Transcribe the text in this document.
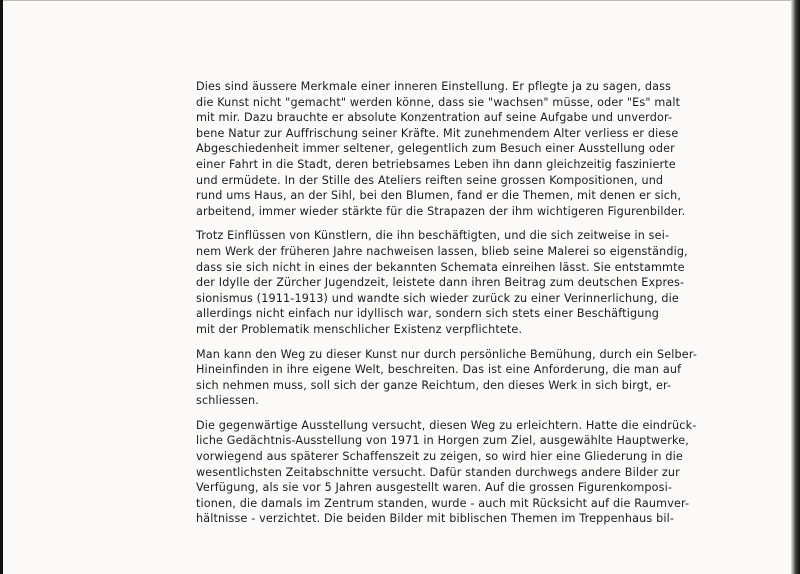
Dies sind äussere Merkmale einer inneren Einstellung. Er pflegte ja zu sagen, dass
die Kunst nicht "gemacht" werden könne, dass sie "wachsen" müsse, oder "Es" malt
mit mir. Dazu brauchte er absolute Konzentration auf seine Aufgabe und unverdor-
bene Natur zur Auffrischung seiner Kräfte. Mit zunehmendem Alter verliess er diese
Abgeschiedenheit immer seltener, gelegentlich zum Besuch einer Ausstellung oder
einer Fahrt in die Stadt, deren betriebsames Leben ihn dann gleichzeitig faszinierte
und ermüdete. In der Stille des Ateliers reiften seine grossen Kompositionen, und
rund ums Haus, an der Sihl, bei den Blumen, fand er die Themen, mit denen er sich,
arbeitend, immer wieder stärkte für die Strapazen der ihm wichtigeren Figurenbilder.

Trotz Einflüssen von Künstlern, die ihn beschäftigten, und die sich zeitweise in sei-
nem Werk der früheren Jahre nachweisen lassen, blieb seine Malerei so eigenständig,
dass sie sich nicht in eines der bekannten Schemata einreihen lässt. Sie entstammte
der Idylle der Zürcher Jugendzeit, leistete dann ihren Beitrag zum deutschen Expres-
sionismus (1911-1913) und wandte sich wieder zurück zu einer Verinnerlichung, die
allerdings nicht einfach nur idyllisch war, sondern sich stets einer Beschäftigung
mit der Problematik menschlicher Existenz verpflichtete.

Man kann den Weg zu dieser Kunst nur durch persönliche Bemühung, durch ein Selber-
Hineinfinden in ihre eigene Welt, beschreiten. Das ist eine Anforderung, die man auf
sich nehmen muss, soll sich der ganze Reichtum, den dieses Werk in sich birgt, er-
schliessen.

Die gegenwärtige Ausstellung versucht, diesen Weg zu erleichtern. Hatte die eindrück-
liche Gedächtnis-Ausstellung von 1971 in Horgen zum Ziel, ausgewählte Hauptwerke,
vorwiegend aus späterer Schaffenszeit zu zeigen, so wird hier eine Gliederung in die
wesentlichsten Zeitabschnitte versucht. Dafür standen durchwegs andere Bilder zur
Verfügung, als sie vor 5 Jahren ausgestellt waren. Auf die grossen Figurenkomposi-
tionen, die damals im Zentrum standen, wurde - auch mit Rücksicht auf die Raumver-
hältnisse - verzichtet. Die beiden Bilder mit biblischen Themen im Treppenhaus bil-
